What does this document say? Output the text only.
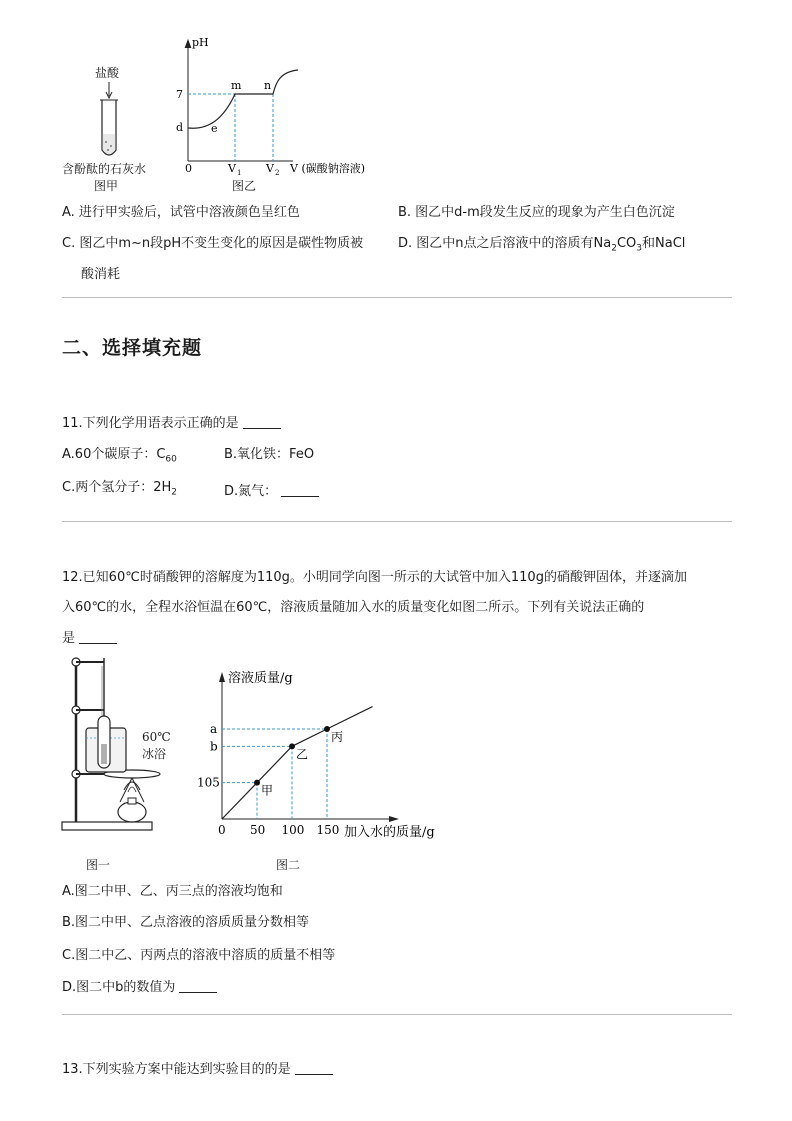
盐酸
含酚酞的石灰水
图甲
pH
7
d	e
m n
0	V 1 V 2 V (碳酸钠溶液)
图乙
A. 进行甲实验后，试管中溶液颜色呈红色	B. 图乙中d-m段发生反应的现象为产生白色沉淀
C. 图乙中m~n段pH不变生变化的原因是碳性物质被	D. 图乙中n点之后溶液中的溶质有$Na_2CO_3$和NaCl
酸消耗
二、选择填充题
11.下列化学用语表示正确的是
A.60个碳原子：$C_{60}$	B.氧化铁：FeO
C.两个氢分子：$2H_2$	D.氮气：
12.已知60℃时硝酸钾的溶解度为110g。小明同学向图一所示的大试管中加入110g的硝酸钾固体，并逐滴加
入60℃的水，全程水浴恒温在60℃，溶液质量随加入水的质量变化如图二所示。下列有关说法正确的
是
60℃
冰浴
图一
溶液质量/g
加入水的质量/g
a
b
105
0 50 100 150
甲
乙
丙
图二
A.图二中甲、乙、丙三点的溶液均饱和
B.图二中甲、乙点溶液的溶质质量分数相等
C.图二中乙、丙两点的溶液中溶质的质量不相等
D.图二中b的数值为
13.下列实验方案中能达到实验目的的是
